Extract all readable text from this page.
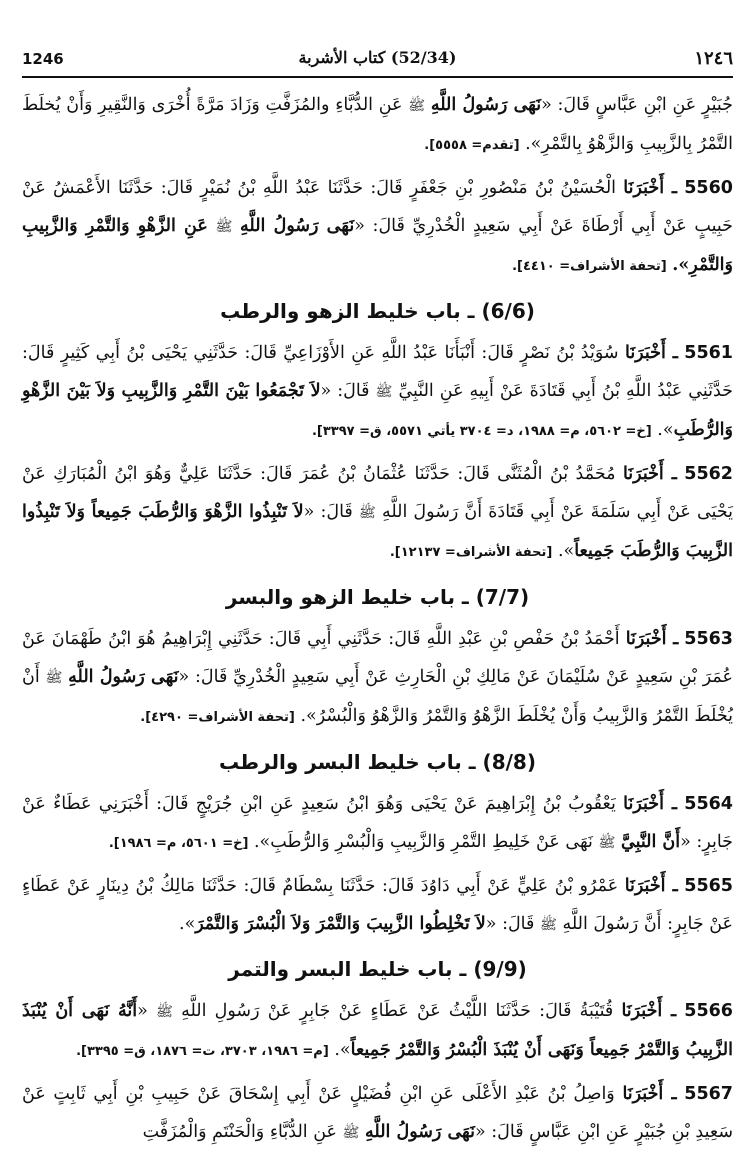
1246	(52/34) كتاب الأشربة	١٢٤٦

جُبَيْرٍ عَنِ ابْنِ عَبَّاسٍ قَالَ: «نَهَى رَسُولُ اللَّهِ ﷺ عَنِ الدُّبَّاءِ والمُزَفَّتِ وَزَادَ مَرَّةً أُخْرَى وَالنَّقِيرِ وَأَنْ يُخلَطَ التَّمْرُ بِالزَّبِيبِ وَالزَّهْوُ بِالتَّمْرِ». [تقدم= ٥٥٥٨].

5560 ـ أَخْبَرَنَا الْحُسَيْنُ بْنُ مَنْصُورِ بْنِ جَعْفَرٍ قَالَ: حَدَّثَنَا عَبْدُ اللَّهِ بْنُ نُمَيْرٍ قَالَ: حَدَّثَنَا الأَعْمَشُ عَنْ حَبِيبٍ عَنْ أَبِي أَرْطَاةَ عَنْ أَبِي سَعِيدٍ الْخُدْرِيِّ قَالَ: «نَهَى رَسُولُ اللَّهِ ﷺ عَنِ الزَّهْوِ وَالتَّمْرِ وَالزَّبِيبِ وَالتَّمْرِ». [تحفة الأشراف= ٤٤١٠].

(6/6) ـ باب خليط الزهو والرطب

5561 ـ أَخْبَرَنَا سُوَيْدُ بْنُ نَصْرٍ قَالَ: أَنْبَأَنَا عَبْدُ اللَّهِ عَنِ الأَوْزَاعِيِّ قَالَ: حَدَّثَنِي يَحْيَى بْنُ أَبِي كَثِيرٍ قَالَ: حَدَّثَنِي عَبْدُ اللَّهِ بْنُ أَبِي قَتَادَةَ عَنْ أَبِيهِ عَنِ النَّبِيِّ ﷺ قَالَ: «لاَ تَجْمَعُوا بَيْنَ التَّمْرِ وَالزَّبِيبِ وَلاَ بَيْنَ الزَّهْوِ وَالرُّطَبِ». [خ= ٥٦٠٢، م= ١٩٨٨، د= ٣٧٠٤ يأتي ٥٥٧١، ق= ٣٣٩٧].

5562 ـ أَخْبَرَنَا مُحَمَّدُ بْنُ الْمُثَنَّى قَالَ: حَدَّثَنَا عُثْمَانُ بْنُ عُمَرَ قَالَ: حَدَّثَنَا عَلِيٌّ وَهُوَ ابْنُ الْمُبَارَكِ عَنْ يَحْيَى عَنْ أَبِي سَلَمَةَ عَنْ أَبِي قَتَادَةَ أَنَّ رَسُولَ اللَّهِ ﷺ قَالَ: «لاَ تَنْبِذُوا الزَّهْوَ وَالرُّطَبَ جَمِيعاً وَلاَ تَنْبِذُوا الزَّبِيبَ وَالرُّطَبَ جَمِيعاً». [تحفة الأشراف= ١٢١٣٧].

(7/7) ـ باب خليط الزهو والبسر

5563 ـ أَخْبَرَنَا أَحْمَدُ بْنُ حَفْصِ بْنِ عَبْدِ اللَّهِ قَالَ: حَدَّثَنِي أَبِي قَالَ: حَدَّثَنِي إِبْرَاهِيمُ هُوَ ابْنُ طَهْمَانَ عَنْ عُمَرَ بْنِ سَعِيدٍ عَنْ سُلَيْمَانَ عَنْ مَالِكِ بْنِ الْحَارِثِ عَنْ أَبِي سَعِيدٍ الْخُدْرِيِّ قَالَ: «نَهَى رَسُولُ اللَّهِ ﷺ أَنْ يُخْلَطَ التَّمْرُ وَالزَّبِيبُ وَأَنْ يُخْلَطَ الزَّهْوُ وَالتَّمْرُ وَالزَّهْوُ وَالْبُسْرُ». [تحفة الأشراف= ٤٢٩٠].

(8/8) ـ باب خليط البسر والرطب

5564 ـ أَخْبَرَنَا يَعْقُوبُ بْنُ إِبْرَاهِيمَ عَنْ يَحْيَى وَهُوَ ابْنُ سَعِيدٍ عَنِ ابْنِ جُرَيْجٍ قَالَ: أَخْبَرَنِي عَطَاءٌ عَنْ جَابِرٍ: «أَنَّ النَّبِيَّ ﷺ نَهَى عَنْ خَلِيطِ التَّمْرِ وَالزَّبِيبِ وَالْبُسْرِ وَالرُّطَبِ». [خ= ٥٦٠١، م= ١٩٨٦].

5565 ـ أَخْبَرَنَا عَمْرُو بْنُ عَلِيٍّ عَنْ أَبِي دَاوُدَ قَالَ: حَدَّثَنَا بِسْطَامٌ قَالَ: حَدَّثَنَا مَالِكُ بْنُ دِينَارٍ عَنْ عَطَاءٍ عَنْ جَابِرٍ: أَنَّ رَسُولَ اللَّهِ ﷺ قَالَ: «لاَ تَخْلِطُوا الزَّبِيبَ وَالتَّمْرَ وَلاَ الْبُسْرَ وَالتَّمْرَ».

(9/9) ـ باب خليط البسر والتمر

5566 ـ أَخْبَرَنَا قُتَيْبَةُ قَالَ: حَدَّثَنَا اللَّيْثُ عَنْ عَطَاءٍ عَنْ جَابِرٍ عَنْ رَسُولِ اللَّهِ ﷺ «أَنَّهُ نَهَى أَنْ يُنْبَذَ الزَّبِيبُ وَالتَّمْرُ جَمِيعاً وَنَهَى أَنْ يُنْبَذَ الْبُسْرُ وَالتَّمْرُ جَمِيعاً». [م= ١٩٨٦، ٣٧٠٣، ت= ١٨٧٦، ق= ٣٣٩٥].

5567 ـ أَخْبَرَنَا وَاصِلُ بْنُ عَبْدِ الأَعْلَى عَنِ ابْنِ فُضَيْلٍ عَنْ أَبِي إِسْحَاقَ عَنْ حَبِيبِ بْنِ أَبِي ثَابِتٍ عَنْ سَعِيدِ بْنِ جُبَيْرٍ عَنِ ابْنِ عَبَّاسٍ قَالَ: «نَهَى رَسُولُ اللَّهِ ﷺ عَنِ الدُّبَّاءِ وَالْحَنْتَمِ وَالْمُزَفَّتِ
